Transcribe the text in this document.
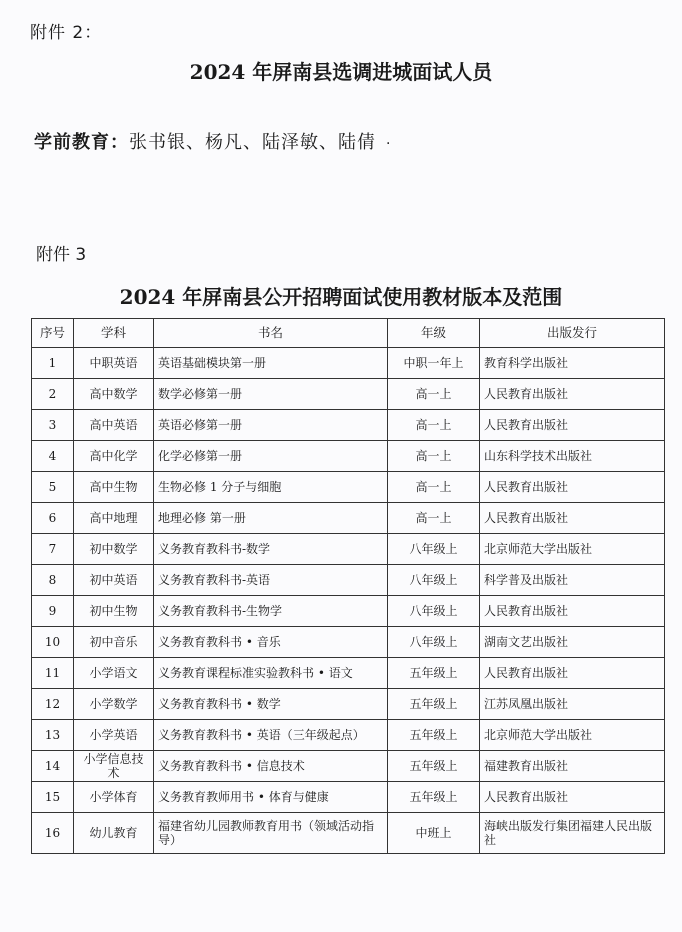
附件 2：
2024 年屏南县选调进城面试人员
学前教育：张书银、杨凡、陆泽敏、陆倩 ·
附件 3
2024 年屏南县公开招聘面试使用教材版本及范围
序号	学科	书名	年级	出版发行
1	中职英语	英语基础模块第一册	中职一年上	教育科学出版社
2	高中数学	数学必修第一册	高一上	人民教育出版社
3	高中英语	英语必修第一册	高一上	人民教育出版社
4	高中化学	化学必修第一册	高一上	山东科学技术出版社
5	高中生物	生物必修 1 分子与细胞	高一上	人民教育出版社
6	高中地理	地理必修 第一册	高一上	人民教育出版社
7	初中数学	义务教育教科书-数学	八年级上	北京师范大学出版社
8	初中英语	义务教育教科书-英语	八年级上	科学普及出版社
9	初中生物	义务教育教科书-生物学	八年级上	人民教育出版社
10	初中音乐	义务教育教科书 • 音乐	八年级上	湖南文艺出版社
11	小学语文	义务教育课程标准实验教科书 • 语文	五年级上	人民教育出版社
12	小学数学	义务教育教科书 • 数学	五年级上	江苏凤凰出版社
13	小学英语	义务教育教科书 • 英语（三年级起点）	五年级上	北京师范大学出版社
14	小学信息技术	义务教育教科书 • 信息技术	五年级上	福建教育出版社
15	小学体育	义务教育教师用书 • 体育与健康	五年级上	人民教育出版社
16	幼儿教育	福建省幼儿园教师教育用书（领域活动指导）	中班上	海峡出版发行集团福建人民出版社
